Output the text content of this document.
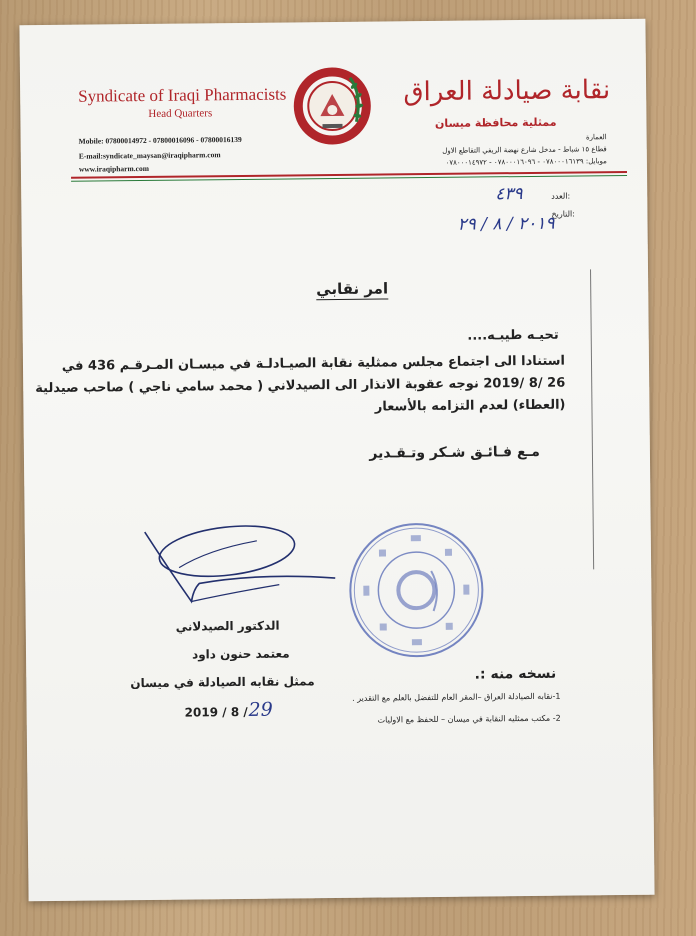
Syndicate of Iraqi Pharmacists
Head Quarters
Mobile: 07800014972 - 07800016096 - 07800016139
E-mail:syndicate_maysan@iraqipharm.com
www.iraqipharm.com
نقابة صيادلة العراق
ممثلية محافظة ميسان
العمارة
قطاع ١٥ شباط - مدخل شارع نهضة الريفي التقاطع الاول
موبايل: ٠٧٨٠٠٠١٦١٣٩ - ٠٧٨٠٠٠١٦٠٩٦ - ٠٧٨٠٠٠١٤٩٧٢
العدد:
٤٣٩
التاريخ:
٢٠١٩ / ٨ / ٢٩
امر نقابي
تحيـه طيبـه....
استنادا الى اجتماع مجلس ممثلية نقابة الصيـادلـة في ميسـان المـرقـم 436 في
26 /8 /2019 نوجه عقوبة الانذار الى الصيدلاني ( محمد سامي ناجي ) صاحب صيدلية
(العطاء) لعدم التزامه بالأسعار
مـع فـائـق شـكر وتـقـدير
الدكتور الصيدلاني
معتمد حنون داود
ممثل نقابه الصيادلة في ميسان
2019 / 8 / 29
نسخه منه :.
1-نقابه الصيادلة العراق –المقر العام للتفضل بالعلم مع التقدير .
2- مكتب ممثليه النقابة في ميسان – للحفظ مع الاوليات
